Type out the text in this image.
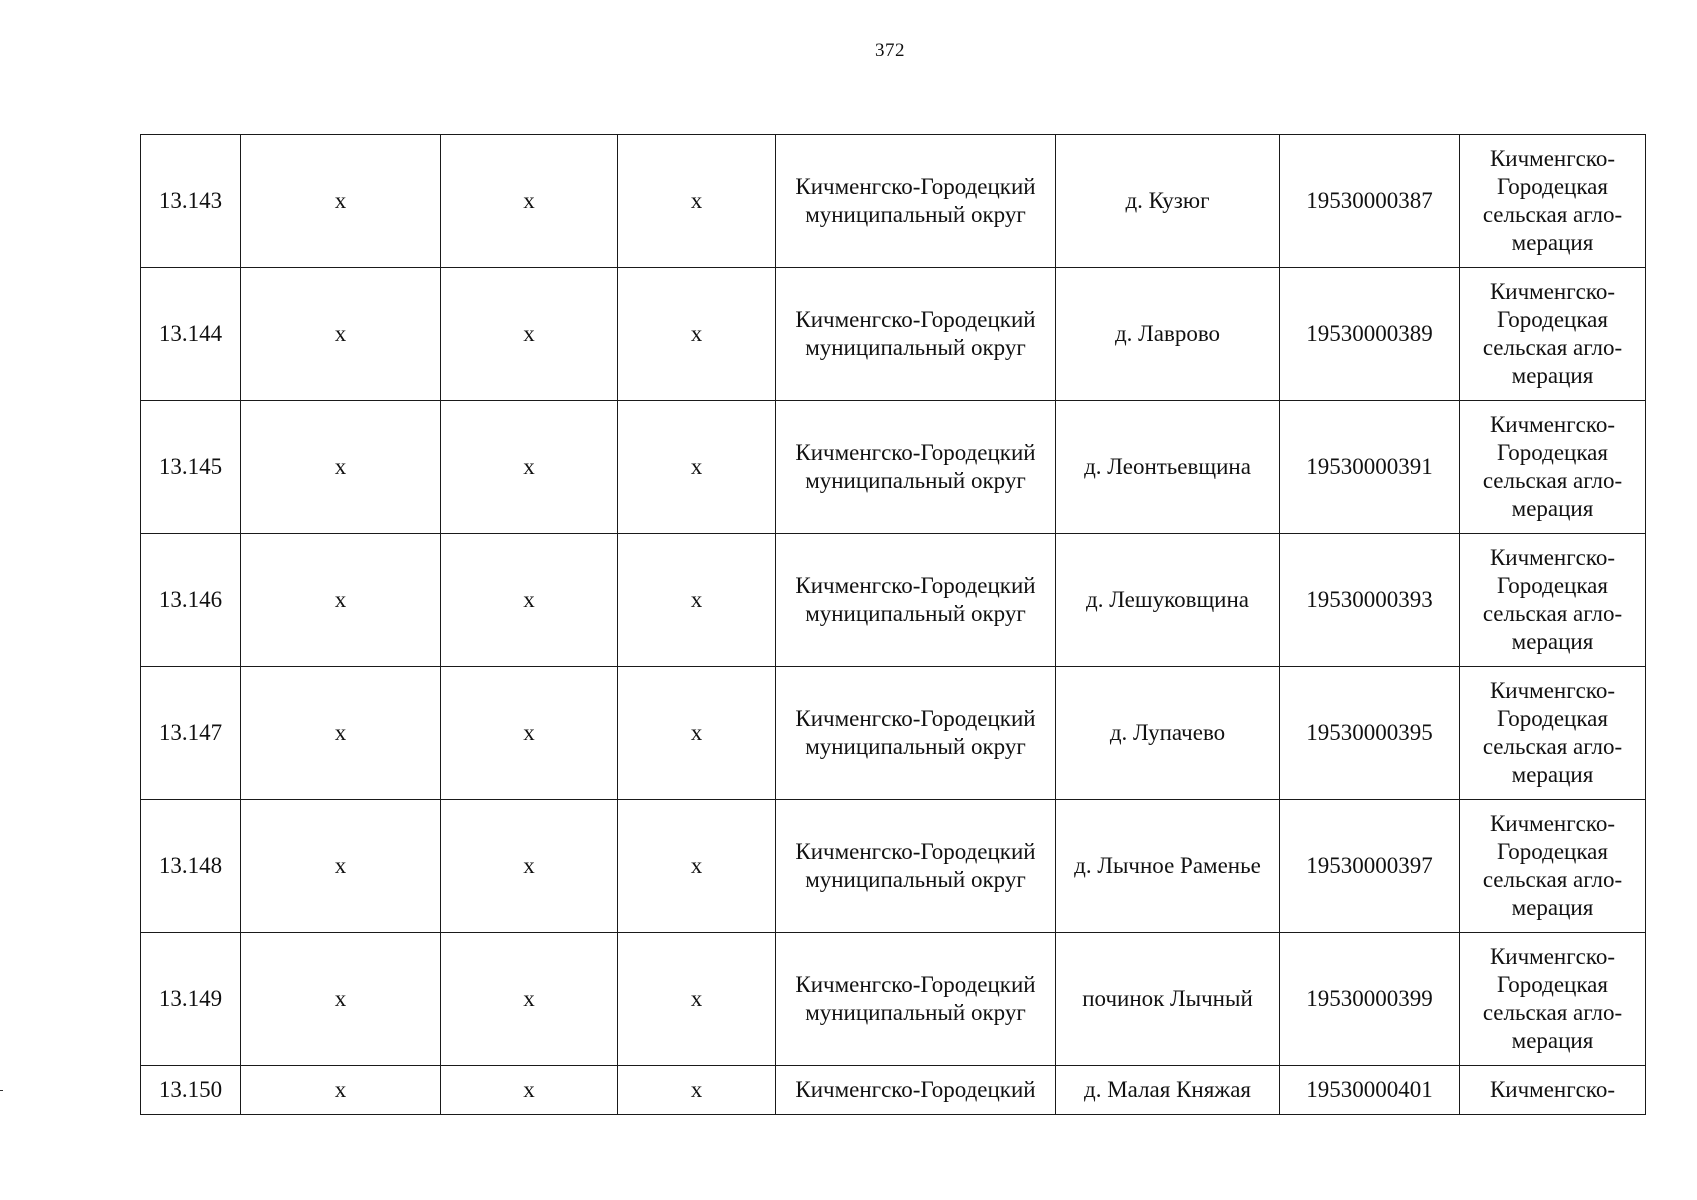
372
13.143	х	х	х	Кичменгско-Городецкий муниципальный округ	д. Кузюг	19530000387	Кичменгско-Городецкая сельская агло-мерация
13.144	х	х	х	Кичменгско-Городецкий муниципальный округ	д. Лаврово	19530000389	Кичменгско-Городецкая сельская агло-мерация
13.145	х	х	х	Кичменгско-Городецкий муниципальный округ	д. Леонтьевщина	19530000391	Кичменгско-Городецкая сельская агло-мерация
13.146	х	х	х	Кичменгско-Городецкий муниципальный округ	д. Лешуковщина	19530000393	Кичменгско-Городецкая сельская агло-мерация
13.147	х	х	х	Кичменгско-Городецкий муниципальный округ	д. Лупачево	19530000395	Кичменгско-Городецкая сельская агло-мерация
13.148	х	х	х	Кичменгско-Городецкий муниципальный округ	д. Лычное Раменье	19530000397	Кичменгско-Городецкая сельская агло-мерация
13.149	х	х	х	Кичменгско-Городецкий муниципальный округ	починок Лычный	19530000399	Кичменгско-Городецкая сельская агло-мерация
13.150	х	х	х	Кичменгско-Городецкий	д. Малая Княжая	19530000401	Кичменгско-
